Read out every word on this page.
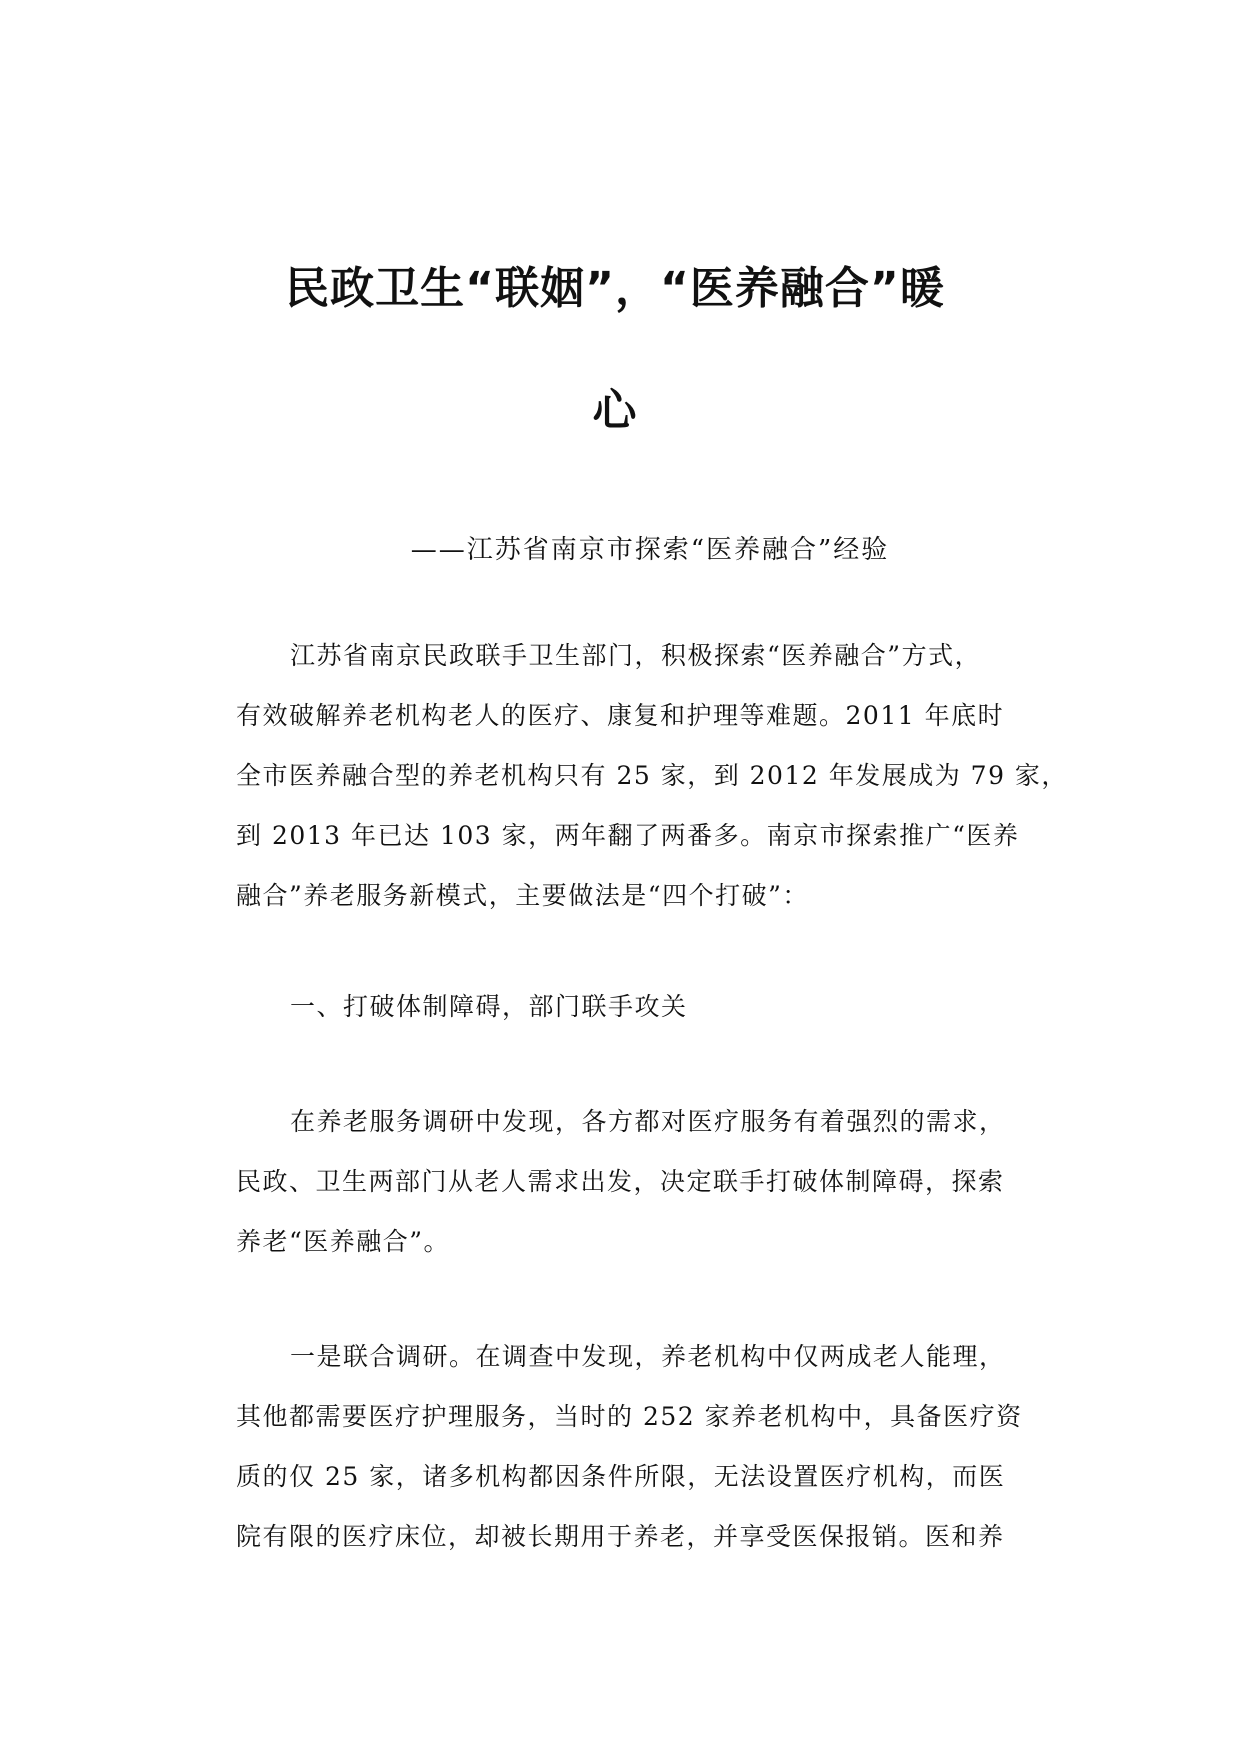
民政卫生“联姻”，“医养融合”暖
心

——江苏省南京市探索“医养融合”经验

江苏省南京民政联手卫生部门，积极探索“医养融合”方式，

有效破解养老机构老人的医疗、康复和护理等难题。2011 年底时

全市医养融合型的养老机构只有 25 家，到 2012 年发展成为 79 家，

到 2013 年已达 103 家，两年翻了两番多。南京市探索推广“医养

融合”养老服务新模式，主要做法是“四个打破”：

一、打破体制障碍，部门联手攻关

在养老服务调研中发现，各方都对医疗服务有着强烈的需求，

民政、卫生两部门从老人需求出发，决定联手打破体制障碍，探索

养老“医养融合”。

一是联合调研。在调查中发现，养老机构中仅两成老人能理，

其他都需要医疗护理服务，当时的 252 家养老机构中，具备医疗资

质的仅 25 家，诸多机构都因条件所限，无法设置医疗机构，而医

院有限的医疗床位，却被长期用于养老，并享受医保报销。医和养
